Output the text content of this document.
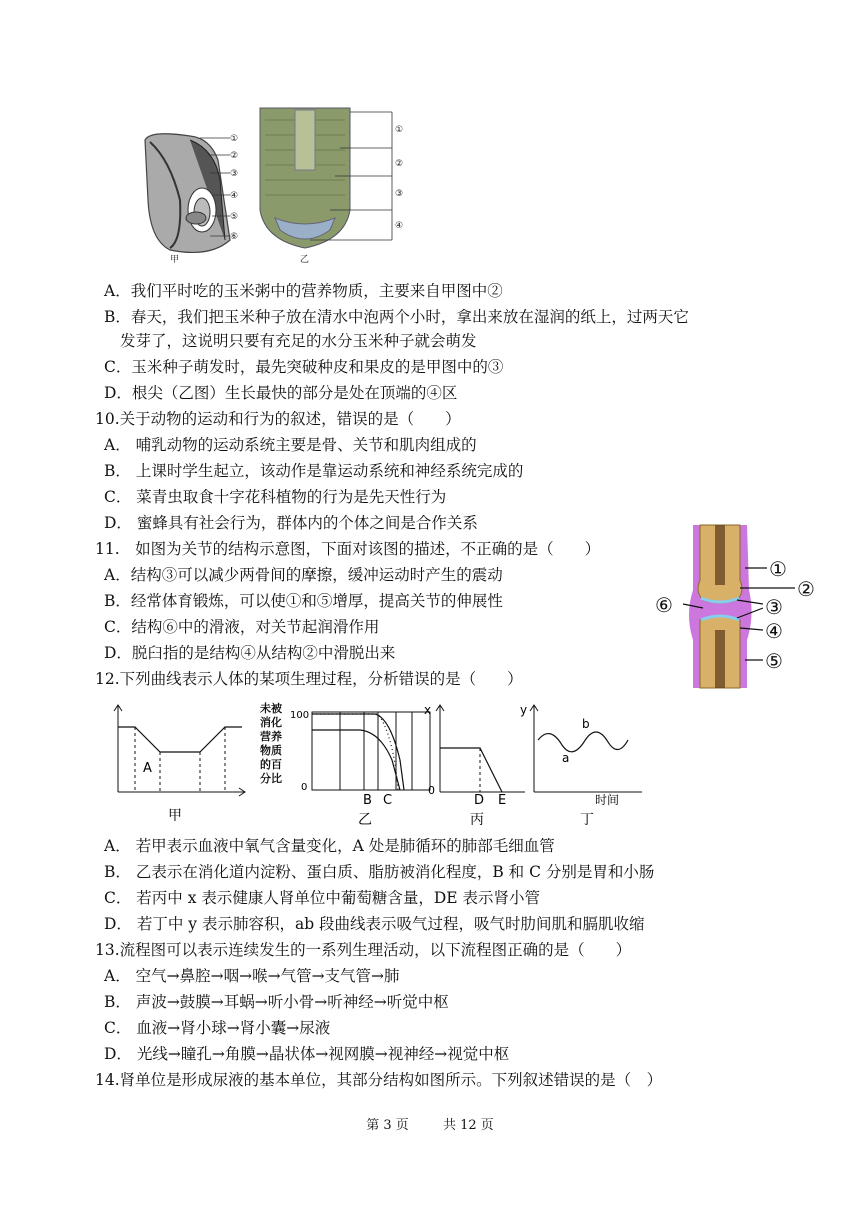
①
②
③
④
⑤
⑥
甲
①
②
③
④
乙
A．我们平时吃的玉米粥中的营养物质，主要来自甲图中②
B．春天，我们把玉米种子放在清水中泡两个小时，拿出来放在湿润的纸上，过两天它
发芽了，这说明只要有充足的水分玉米种子就会萌发
C．玉米种子萌发时，最先突破种皮和果皮的是甲图中的③
D．根尖（乙图）生长最快的部分是处在顶端的④区
10.关于动物的运动和行为的叙述，错误的是（　　）
A． 哺乳动物的运动系统主要是骨、关节和肌肉组成的
B． 上课时学生起立，该动作是靠运动系统和神经系统完成的
C． 菜青虫取食十字花科植物的行为是先天性行为
D． 蜜蜂具有社会行为，群体内的个体之间是合作关系
11.　如图为关节的结构示意图，下面对该图的描述，不正确的是（　　）
A．结构③可以减少两骨间的摩擦，缓冲运动时产生的震动
B．经常体育锻炼，可以使①和⑤增厚，提高关节的伸展性
C．结构⑥中的滑液，对关节起润滑作用
D．脱臼指的是结构④从结构②中滑脱出来
①
②
③
④
⑤
⑥
12.下列曲线表示人体的某项生理过程，分析错误的是（　　）
A
甲
未被
消化
营养
物质
的百
分比
100
0
B C
乙
x
0
D E
丙
y
a
b
时间
丁
A． 若甲表示血液中氧气含量变化，A 处是肺循环的肺部毛细血管
B． 乙表示在消化道内淀粉、蛋白质、脂肪被消化程度，B 和 C 分别是胃和小肠
C． 若丙中 x 表示健康人肾单位中葡萄糖含量，DE 表示肾小管
D． 若丁中 y 表示肺容积，ab 段曲线表示吸气过程，吸气时肋间肌和膈肌收缩
13.流程图可以表示连续发生的一系列生理活动，以下流程图正确的是（　　）
A． 空气→鼻腔→咽→喉→气管→支气管→肺
B． 声波→鼓膜→耳蜗→听小骨→听神经→听觉中枢
C． 血液→肾小球→肾小囊→尿液
D． 光线→瞳孔→角膜→晶状体→视网膜→视神经→视觉中枢
14.肾单位是形成尿液的基本单位，其部分结构如图所示。下列叙述错误的是（　）
第 3 页	共 12 页
